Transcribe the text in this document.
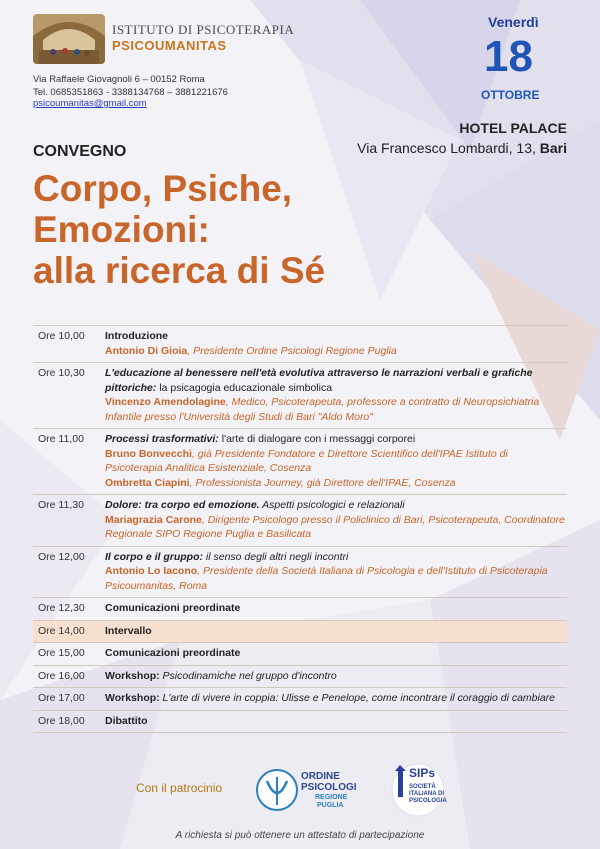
ISTITUTO DI PSICOTERAPIA
PSICOUMANITAS
Via Raffaele Giovagnoli 6 – 00152 Roma
Tel. 0685351863 - 3388134768 – 3881221676
psicoumanitas@gmail.com
Venerdì
18
OTTOBRE
HOTEL PALACE
Via Francesco Lombardi, 13, Bari
CONVEGNO
Corpo, Psiche,
Emozioni:
alla ricerca di Sé
Ore 10,00	Introduzione
Antonio Di Gioia, Presidente Ordine Psicologi Regione Puglia
Ore 10,30	L'educazione al benessere nell'età evolutiva attraverso le narrazioni verbali e grafiche pittoriche: la psicagogia educazionale simbolica
Vincenzo Amendolagine, Medico, Psicoterapeuta, professore a contratto di Neuropsichiatria Infantile presso l'Università degli Studi di Bari "Aldo Moro"
Ore 11,00	Processi trasformativi: l'arte di dialogare con i messaggi corporei
Bruno Bonvecchi, già Presidente Fondatore e Direttore Scientifico dell'IPAE Istituto di Psicoterapia Analitica Esistenziale, Cosenza
Ombretta Ciapini, Professionista Journey, già Direttore dell'IPAE, Cosenza
Ore 11,30	Dolore: tra corpo ed emozione. Aspetti psicologici e relazionali
Mariagrazia Carone, Dirigente Psicologo presso il Policlinico di Bari, Psicoterapeuta, Coordinatore Regionale SIPO Regione Puglia e Basilicata
Ore 12,00	Il corpo e il gruppo: il senso degli altri negli incontri
Antonio Lo Iacono, Presidente della Società Italiana di Psicologia e dell'Istituto di Psicoterapia Psicoumanitas, Roma
Ore 12,30	Comunicazioni preordinate
Ore 14,00	Intervallo
Ore 15,00	Comunicazioni preordinate
Ore 16,00	Workshop: Psicodinamiche nel gruppo d'incontro
Ore 17,00	Workshop: L'arte di vivere in coppia: Ulisse e Penelope, come incontrare il coraggio di cambiare
Ore 18,00	Dibattito
Con il patrocinio
ORDINE
PSICOLOGI
REGIONE
PUGLIA
SIPs
SOCIETÀ
ITALIANA DI
PSICOLOGIA
A richiesta si può ottenere un attestato di partecipazione
